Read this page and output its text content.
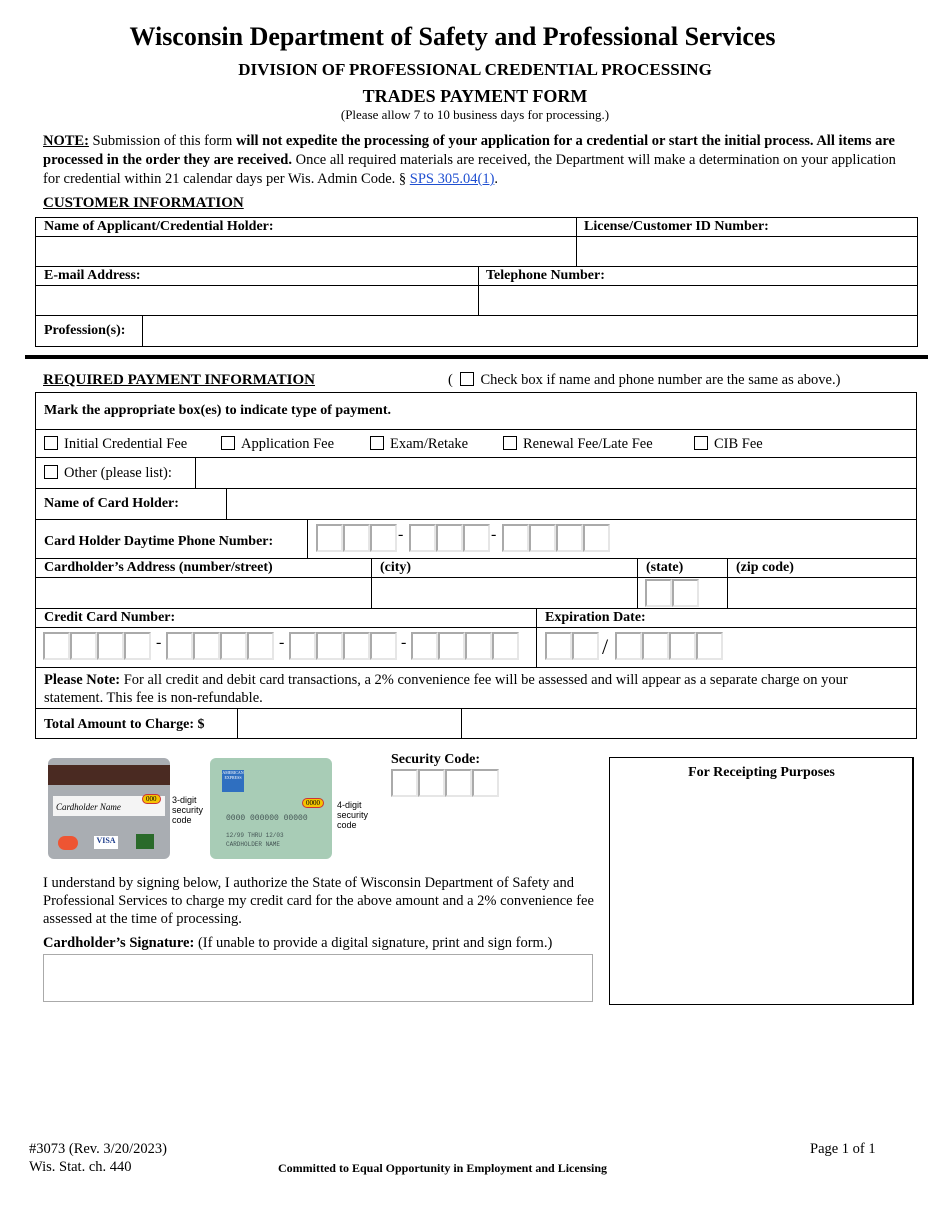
Wisconsin Department of Safety and Professional Services
DIVISION OF PROFESSIONAL CREDENTIAL PROCESSING
TRADES PAYMENT FORM
(Please allow 7 to 10 business days for processing.)
NOTE: Submission of this form will not expedite the processing of your application for a credential or start the initial process. All items are processed in the order they are received. Once all required materials are received, the Department will make a determination on your application for credential within 21 calendar days per Wis. Admin Code. § SPS 305.04(1).
CUSTOMER INFORMATION
Name of Applicant/Credential Holder:	License/Customer ID Number:
E-mail Address:	Telephone Number:
Profession(s):
REQUIRED PAYMENT INFORMATION	( Check box if name and phone number are the same as above.)
Mark the appropriate box(es) to indicate type of payment.
Initial Credential Fee	Application Fee	Exam/Retake	Renewal Fee/Late Fee	CIB Fee
Other (please list):
Name of Card Holder:
Card Holder Daytime Phone Number:	-	-
Cardholder’s Address (number/street)	(city)	(state)	(zip code)
Credit Card Number:	Expiration Date:
-	-	-	/
Please Note: For all credit and debit card transactions, a 2% convenience fee will be assessed and will appear as a separate charge on your statement. This fee is non-refundable.
Total Amount to Charge: $
Cardholder Name
000
VISA
3-digit security code
AMERICAN EXPRESS
0000
0000 000000 00000
12/99 THRU 12/03
CARDHOLDER NAME
4-digit security code
Security Code:
For Receipting Purposes
I understand by signing below, I authorize the State of Wisconsin Department of Safety and Professional Services to charge my credit card for the above amount and a 2% convenience fee assessed at the time of processing.
Cardholder’s Signature: (If unable to provide a digital signature, print and sign form.)
#3073 (Rev. 3/20/2023)
Wis. Stat. ch. 440	Committed to Equal Opportunity in Employment and Licensing
Page 1 of 1
